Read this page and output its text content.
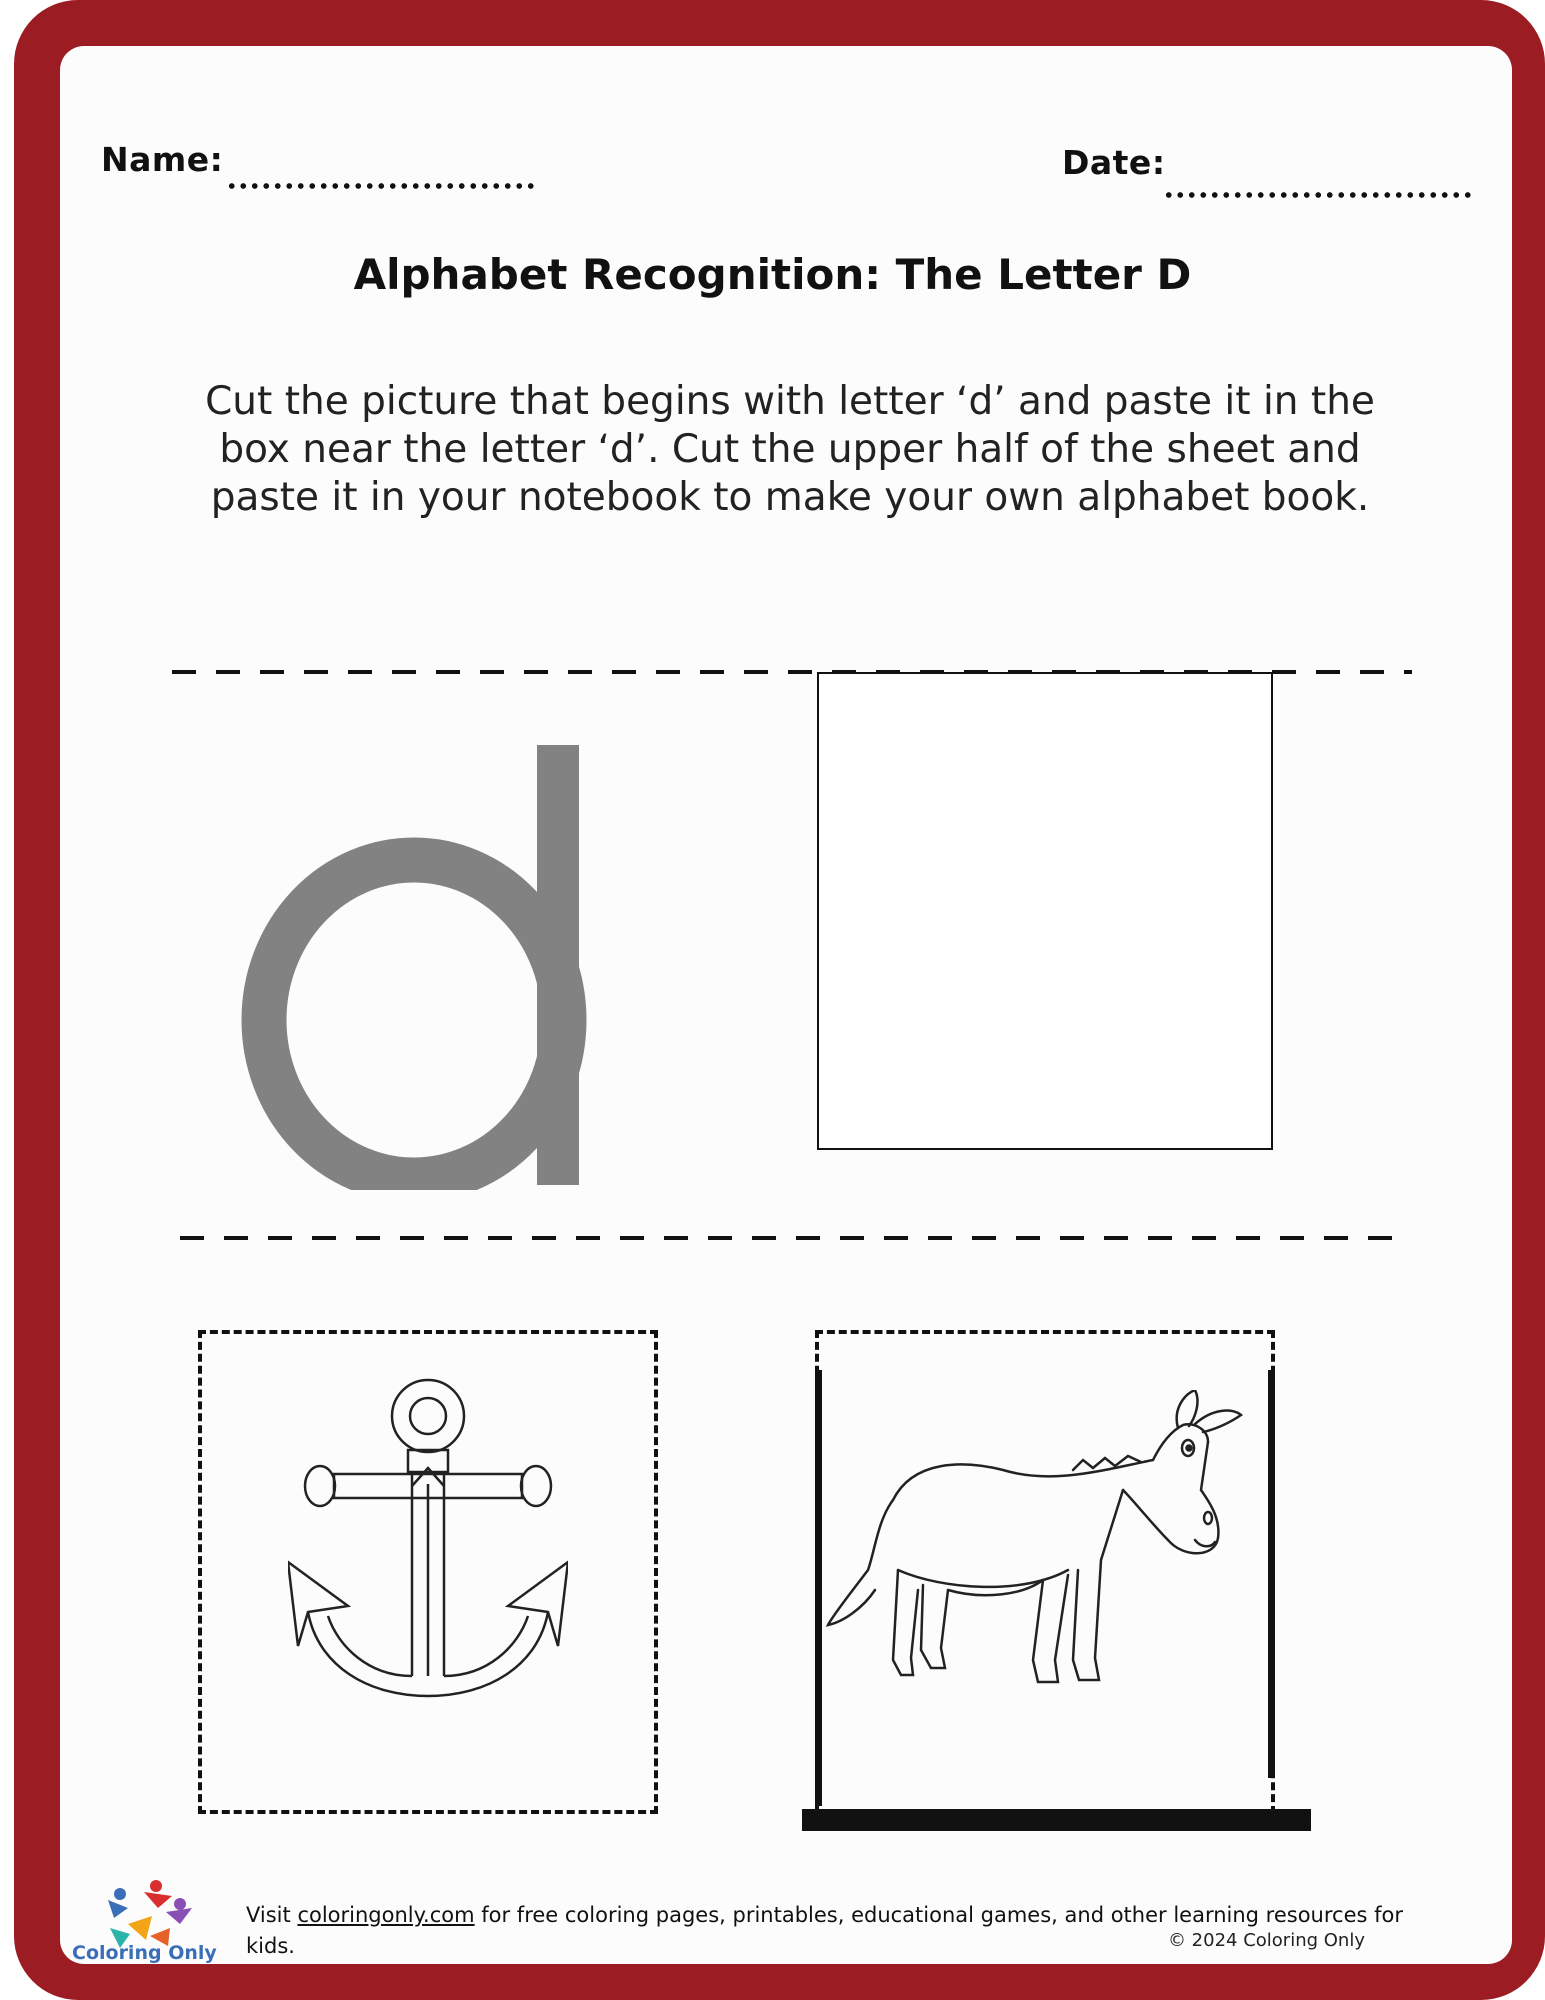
Name:	Date:
Alphabet Recognition: The Letter D
Cut the picture that begins with letter ‘d’ and paste it in the box near the letter ‘d’. Cut the upper half of the sheet and paste it in your notebook to make your own alphabet book.
d
Coloring Only
Visit coloringonly.com for free coloring pages, printables, educational games, and other learning resources for kids.	© 2024 Coloring Only
